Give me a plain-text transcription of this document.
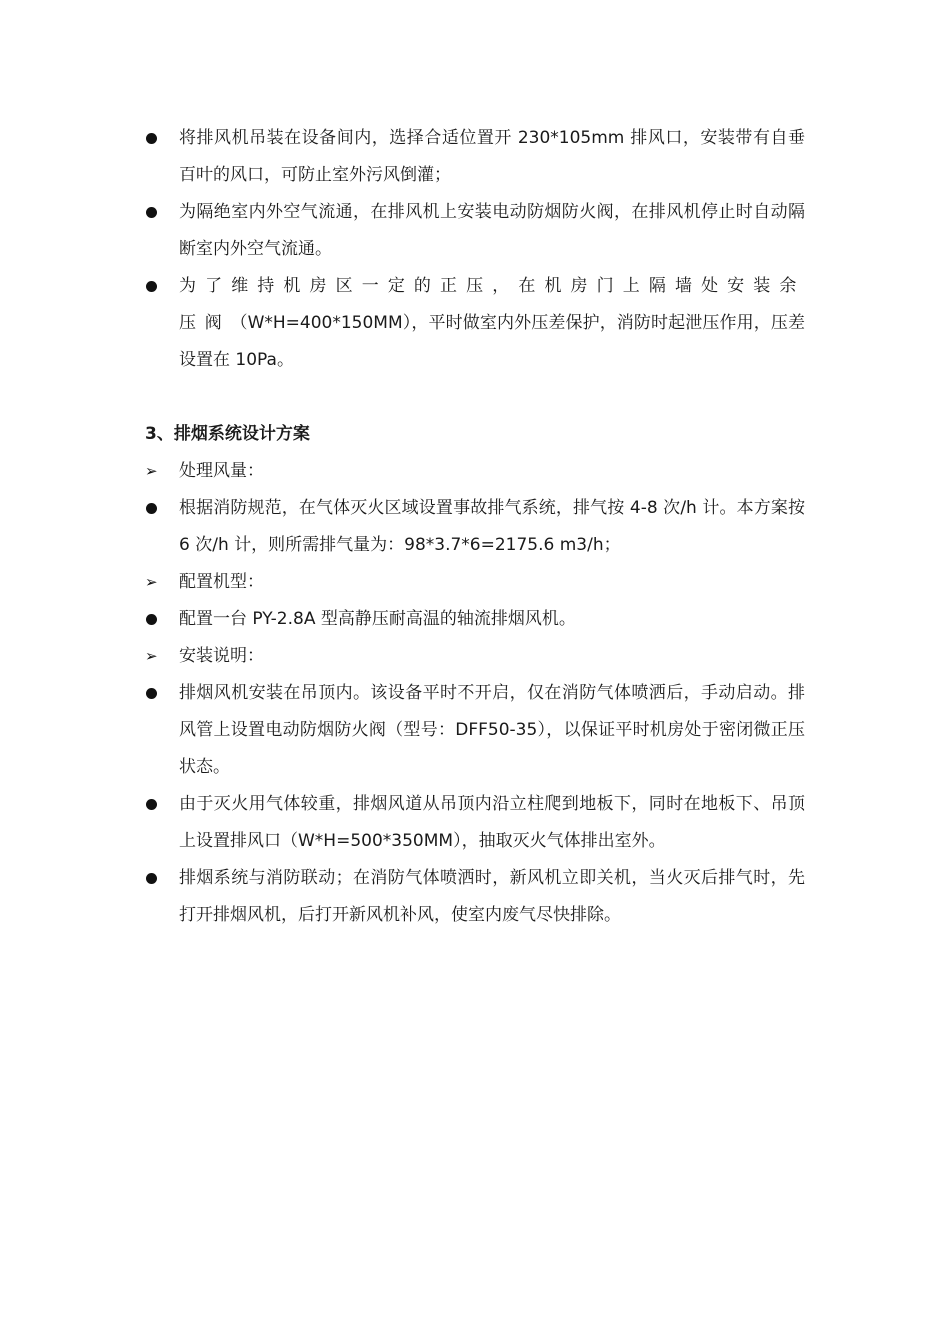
将排风机吊装在设备间内，选择合适位置开 230*105mm 排风口，安装带有自垂百叶的风口，可防止室外污风倒灌；
为隔绝室内外空气流通，在排风机上安装电动防烟防火阀，在排风机停止时自动隔断室内外空气流通。
为了维持机房区一定的正压，在机房门上隔墙处安装余压阀（W*H=400*150MM），平时做室内外压差保护，消防时起泄压作用，压差设置在 10Pa。
3、排烟系统设计方案
➢ 处理风量：
根据消防规范，在气体灭火区域设置事故排气系统，排气按 4-8 次/h 计。本方案按 6 次/h 计，则所需排气量为：98*3.7*6=2175.6 m3/h；
➢ 配置机型：
配置一台 PY-2.8A 型高静压耐高温的轴流排烟风机。
➢ 安装说明：
排烟风机安装在吊顶内。该设备平时不开启，仅在消防气体喷洒后，手动启动。排风管上设置电动防烟防火阀（型号：DFF50-35），以保证平时机房处于密闭微正压状态。
由于灭火用气体较重，排烟风道从吊顶内沿立柱爬到地板下，同时在地板下、吊顶上设置排风口（W*H=500*350MM），抽取灭火气体排出室外。
排烟系统与消防联动；在消防气体喷洒时，新风机立即关机，当火灭后排气时，先打开排烟风机，后打开新风机补风，使室内废气尽快排除。
